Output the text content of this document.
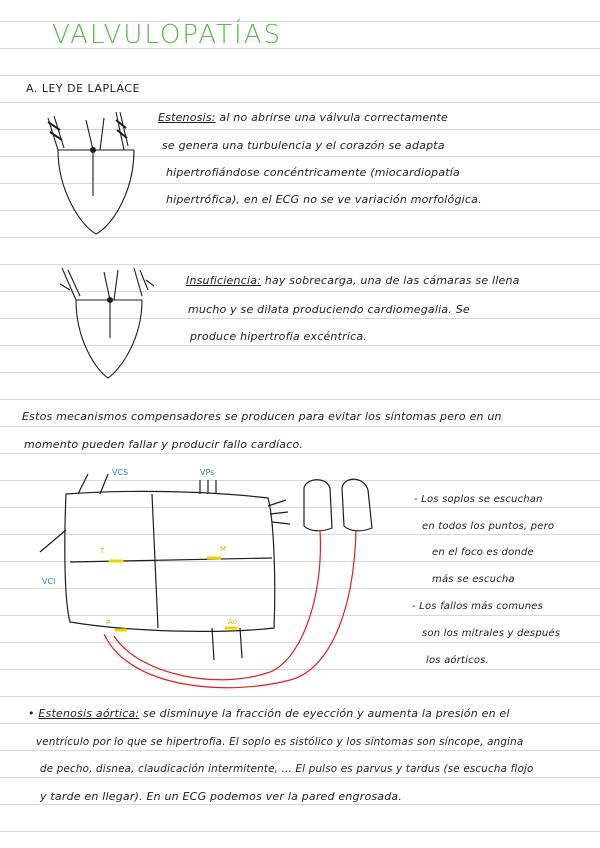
VALVULOPATÍAS
A. LEY DE LAPLACE
Estenosis: al no abrirse una válvula correctamente
se genera una turbulencia y el corazón se adapta
hipertrofiándose concéntricamente (miocardiopatía
hipertrófica), en el ECG no se ve variación morfológica.
Insuficiencia: hay sobrecarga, una de las cámaras se llena
mucho y se dilata produciendo cardiomegalia. Se
produce hipertrofia excéntrica.
Estos mecanismos compensadores se producen para evitar los síntomas pero en un
momento pueden fallar y producir fallo cardíaco.
- Los soplos se escuchan
en todos los puntos, pero
en el foco es donde
más se escucha
- Los fallos más comunes
son los mitrales y después
los aórticos.
• Estenosis aórtica: se disminuye la fracción de eyección y aumenta la presión en el
ventrículo por lo que se hipertrofia. El soplo es sistólico y los síntomas son síncope, angina
de pecho, disnea, claudicación intermitente, ... El pulso es parvus y tardus (se escucha flojo
y tarde en llegar). En un ECG podemos ver la pared engrosada.
VCS	VPs
VCI
T	M
P	Ao
